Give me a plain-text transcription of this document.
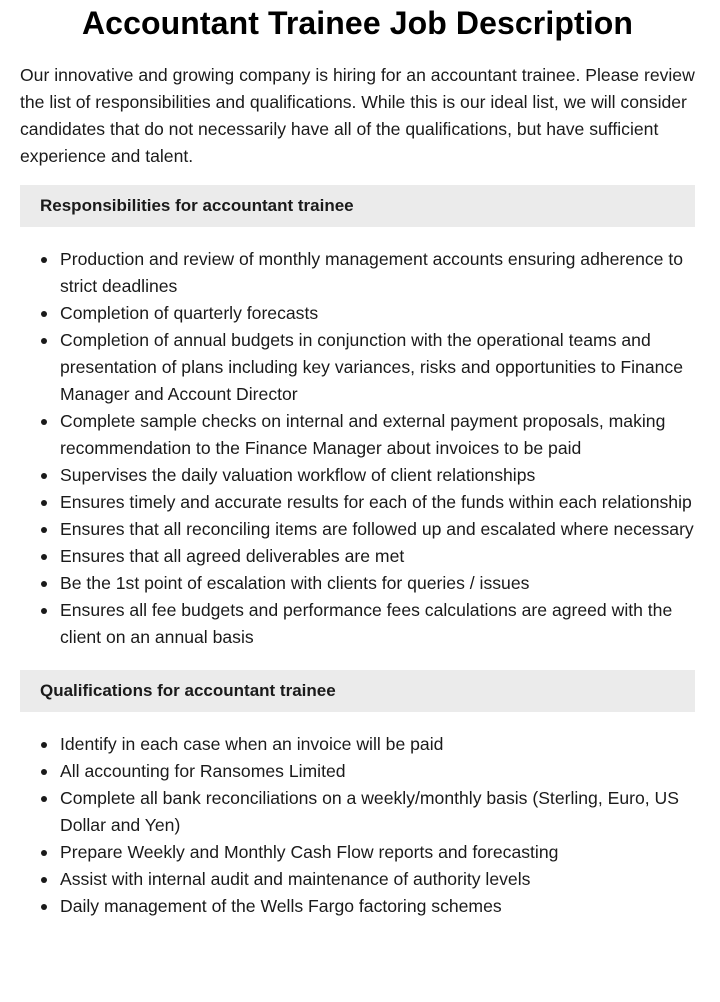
Accountant Trainee Job Description

Our innovative and growing company is hiring for an accountant trainee. Please review the list of responsibilities and qualifications. While this is our ideal list, we will consider candidates that do not necessarily have all of the qualifications, but have sufficient experience and talent.

Responsibilities for accountant trainee
Production and review of monthly management accounts ensuring adherence to strict deadlines
Completion of quarterly forecasts
Completion of annual budgets in conjunction with the operational teams and presentation of plans including key variances, risks and opportunities to Finance Manager and Account Director
Complete sample checks on internal and external payment proposals, making recommendation to the Finance Manager about invoices to be paid
Supervises the daily valuation workflow of client relationships
Ensures timely and accurate results for each of the funds within each relationship
Ensures that all reconciling items are followed up and escalated where necessary
Ensures that all agreed deliverables are met
Be the 1st point of escalation with clients for queries / issues
Ensures all fee budgets and performance fees calculations are agreed with the client on an annual basis
Qualifications for accountant trainee
Identify in each case when an invoice will be paid
All accounting for Ransomes Limited
Complete all bank reconciliations on a weekly/monthly basis (Sterling, Euro, US Dollar and Yen)
Prepare Weekly and Monthly Cash Flow reports and forecasting
Assist with internal audit and maintenance of authority levels
Daily management of the Wells Fargo factoring schemes
